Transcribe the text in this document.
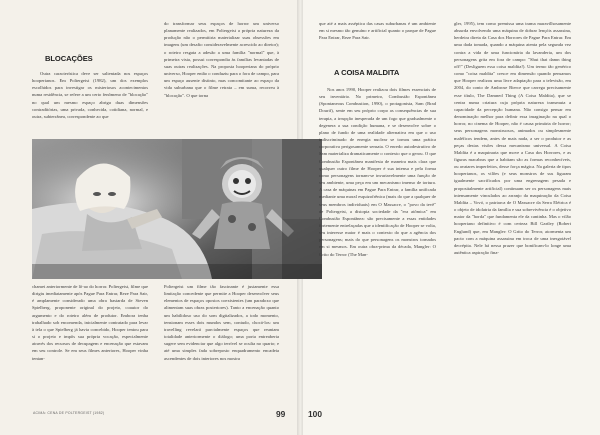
BLOCAÇÕES
Outra característica deve ser salientada nos espaços hooperianos. Em Poltergeist (1982), um dos exemplos escolhidos para investigar os misteriosos acontecimentos numa residência, se refere a um certo fenômeno de "blocação" no qual um mesmo espaço abriga duas dimensões contraditórias, uma privada, conhecida, cotidiana, normal, e outra, subterrânea, correspondente ao que
do transformar seus espaços de horror um universo planamente realizados, em Poltergeist a própria natureza da produção não o permitiria materializar suas obsessões em imagens (um desafio consideravelmente acrescido ao diretor); o roteiro resgata a adesão a uma família "normal" que, à primeira vista, possui correspondia às famílias levantadas de suas outras realizações. Na proposta hooperiana do próprio universo, Hooper então o conduziu para o fora de campo, para um espaço ausente distinto, mas concomitante ao espaço da vida suburbana que o filme retrata – em suma, recorreu à "blocação". O que torna
chamei anteriormente de lô-ao do horror. Poltergeist, filme que dirigiu imediatamente após Pague Para Entrar, Reze Para Sair, é amplamente considerado uma obra bastarda de Steven Spielberg, proponente original do projeto, coautor do argumento e do roteiro além de produtor. Embora tenha trabalhado sob encomenda, inicialmente contratado para levar à tela o que Spielberg já havia concebido, Hooper tentou para si o projeto e impôs sua própria vocação, especialmente através dos recursos de decupagem e encenação que estavam em seu controle. Se em seus filmes anteriores, Hooper vinha tentan-
Poltergeist um filme tão fascinante é justamente essa limitação concedente que permite a Hooper desenvolver seus elementos de espaços opostos coexistentes (um paradoxo que alimentam suas obras posteriores). Tanto a encenação quanto um habilidoso uso do som digitalizados, a todo momento, tensionam esses dois mundos sem, contudo, chocá-los: um travelling revelará parcialmente espaços que reuniam totalidade anteriormente o diálogo; uma porta entreaberta sugere sem evidenciar que algo terrível se oculta no quarto; e até uma simples fada sobreposto enquadramento encadeia ascendentes de dois interiores nos mostra
ACIMA: CENA DE POLTERGEIST (1982)	99
que até a mais asséptica das casas suburbanas é um ambiente em si mesmo tão genuíno e artificial quanto o parque de Pague Para Entrar, Reze Para Sair.
A COISA MALDITA
Nos anos 1990, Hooper realizou dois filmes essenciais de seu inventário. No primeiro, Combustão Espontânea (Spontaneous Combustion, 1990), o protagonista, Sam (Brad Dourif), sente em seu próprio corpo as consequências de sua terapia, a irrupção inesperada de um fogo que gradualmente o degenera a sua condição humana, e se desenvolve sobre o plano de fundo de uma realidade alternativa em que o uso indiscriminado de energia nuclear se tornou uma prática corporativa perigosamente sensata. O enredo autodestrutivo de Sam materializa dramaticamente o contexto que o gerou. O que Combustão Espontânea manifesta de maneira mais clara que qualquer outro filme de Hooper é sua intensa e pela forma como personagens tornam-se invariavelmente uma função de seu ambiente, uma peça em um mecanismo imenso de tortura. A casa de máquinas em Pague Para Entrar, a família unificada mediante uma moral esquizofrênica (mais do que a qualquer de seus membros individuais) em O Massacre, o "povo da tevê" de Poltergeist, a distopia sociedade da "era atômica" em Combustão Espontânea: são precisamente a essas entidades fortemente entrelaçadas que a identificação de Hooper se volta, seu interesse maior é mais o contexto do que a agência dos personagens; mais do que personagens os monstros tornados em si mesmos. Em outra obra-prima da década, Mangler: O Grito do Terror (The Man-
gler, 1995), tem como premissa uma trama maravilhosamente absurda envolvendo uma máquina de dobrar lençóis assassina, herdeira direta da Casa dos Horrores de Pague Para Entrar. Em uma dada tomada, quando a máquina atenta pela segunda vez contra a vida de uma funcionária da lavanderia, um dos personagens grita em fora de campo: "Shut that damn thing off!" (Desliguem essa coisa maldita!). Um termo tão genérico como "coisa maldita" cresce em dimensão quando pensamos que Hooper realizou uma livre adaptação para a televisão, em 2004, do conto de Ambrose Bierce que carrega precisamente esse título, The Damned Thing (A Coisa Maldita), que se centra numa criatura cuja própria natureza transmuta a capacidade da percepção humana. Não consigo pensar em denominação melhor para definir essa imaginação na qual o horror, no cinema de Hooper, não é causa primária de horror; seus personagens monstruosos, animados ou simplesmente maléficos tendem, antes de mais nada, a ser o produtor e as peças destas visões dessa mecanismo universal. A Coisa Maldita é a maquinaria que move a Casa dos Horrores, e as figuras macabras que a habitam são as formas reconhecíveis, ou avatares imperfeitos, desse força mágica. Na galeria de tipos hooperianos, os vilões (e seus monstros de sus figuram igualmente sacrificados por uma engrenagem pesada e propositalmente artificial) continuam ser os personagens mais intensamente vinculados ao arranjo da maquinação da Coisa Maldita – Vovó, o patriarca de O Massacre da Serra Elétrica é o objeto de idolatria da família e sua sobrevivência é o objetivo maior da "horda" que fundamenta ele da cantinha. Mas o vilão hooperiano definitivo é com certeza Bill Gartley (Robert Englund) que, em Mangler: O Grito do Terror, atormenta um pacto com a máquina assassina em troca de uma inesgotável decrépita. Nele há nessa prazer que bonificam-lo longe uma autêntica aspiração fina-
100
